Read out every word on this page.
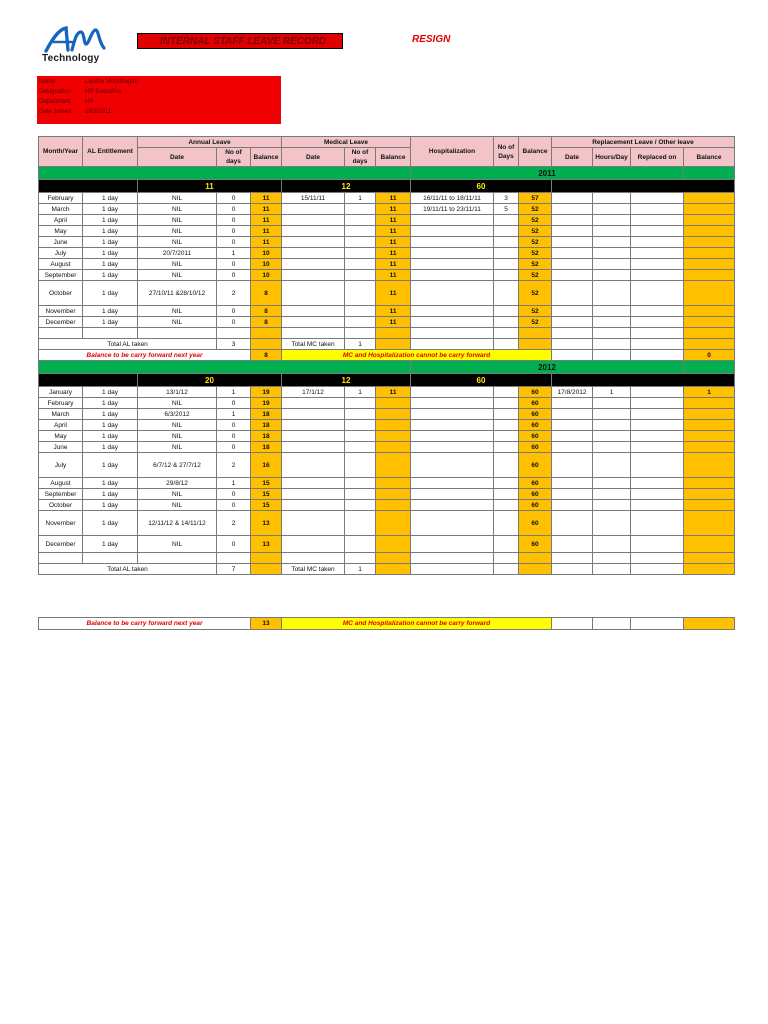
Technology
INTERNAL STAFF LEAVE RECORD	RESIGN
Name	Lavitha Vinodhagan
Designation HR Executive
Department HR
Date Joined 1/02/2011
Month/Year	AL Entitlement	Annual Leave			Medical Leave			Hospitalization	No of Days	Balance	Replacement Leave / Other leave			
		Date	No of days	Balance	Date	No of days	Balance				Date	Hours/Day	Replaced on	Balance
								2011						
		11			12			60						
February	1 day	NIL	0	11	15/11/11	1	11	16/11/11 to 18/11/11	3	57				
March	1 day	NIL	0	11			11	19/11/11 to 23/11/11	5	52				
April	1 day	NIL	0	11			11			52				
May	1 day	NIL	0	11			11			52				
June	1 day	NIL	0	11			11			52				
July	1 day	20/7/2011	1	10			11			52				
August	1 day	NIL	0	10			11			52				
September	1 day	NIL	0	10			11			52				
October	1 day	27/10/11 &28/10/12	2	8			11			52				
November	1 day	NIL	0	8			11			52				
December	1 day	NIL	0	8			11			52				

Total AL taken			3		Total MC taken	1								
Balance to be carry forward next year				8	MC and Hospitalization cannot be carry forward									0
								2012						
		20			12			60						
January	1 day	13/1/12	1	19	17/1/12	1	11			60	17/8/2012	1		1
February	1 day	NIL	0	19						60				
March	1 day	6/3/2012	1	18						60				
April	1 day	NIL	0	18						60				
May	1 day	NIL	0	18						60				
June	1 day	NIL	0	18						60				
July	1 day	6/7/12 & 27/7/12	2	16						60				
August	1 day	29/8/12	1	15						60				
September	1 day	NIL	0	15						60				
October	1 day	NIL	0	15						60				
November	1 day	12/11/12 & 14/11/12	2	13						60				
December	1 day	NIL	0	13						60				

Total AL taken			7		Total MC taken	1								
Balance to be carry forward next year	13	MC and Hospitalization cannot be carry forward				
